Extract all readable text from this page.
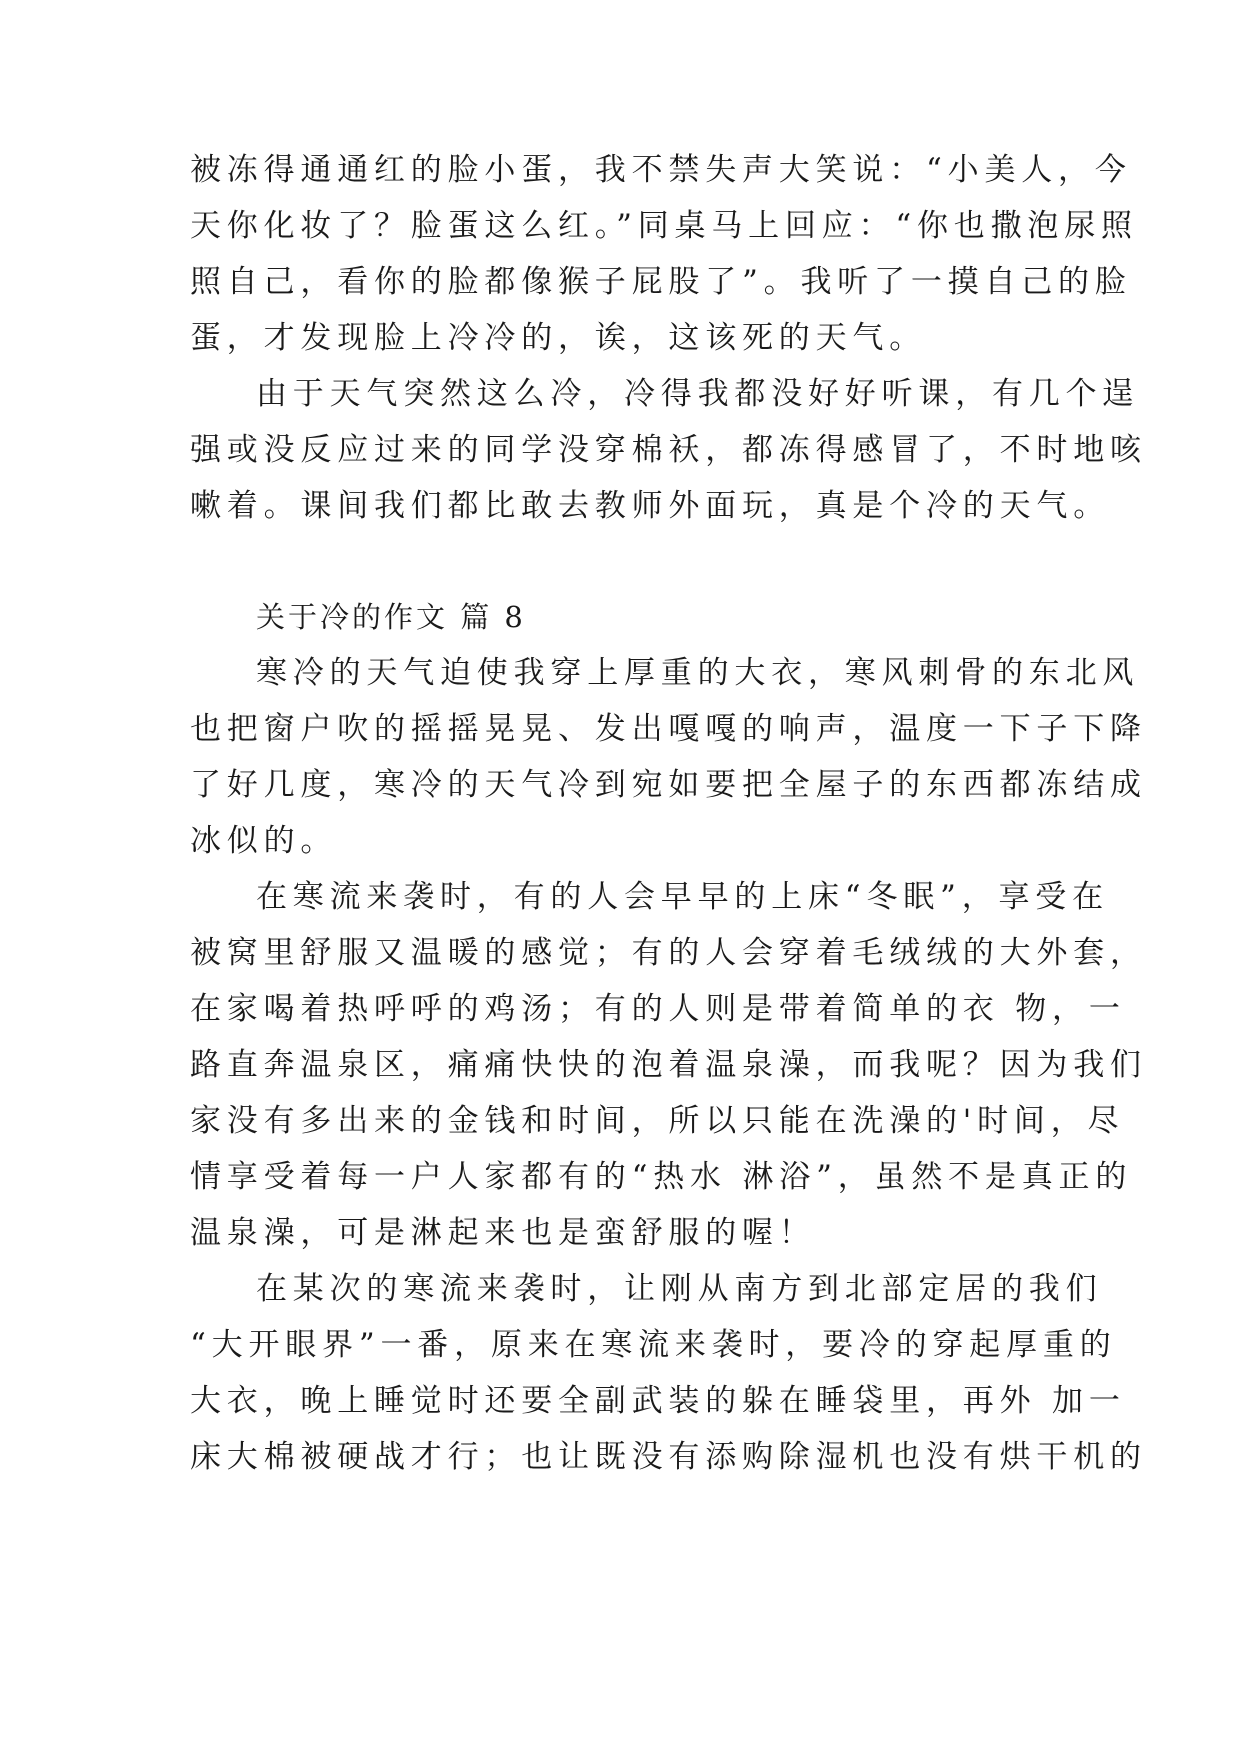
被冻得通通红的脸小蛋，我不禁失声大笑说：“小美人，今
天你化妆了？脸蛋这么红。”同桌马上回应：“你也撒泡尿照
照自己，看你的脸都像猴子屁股了”。我听了一摸自己的脸
蛋，才发现脸上冷冷的，诶，这该死的天气。
由于天气突然这么冷，冷得我都没好好听课，有几个逞
强或没反应过来的同学没穿棉袄，都冻得感冒了，不时地咳
嗽着。课间我们都比敢去教师外面玩，真是个冷的天气。
关于冷的作文 篇 8
寒冷的天气迫使我穿上厚重的大衣，寒风刺骨的东北风
也把窗户吹的摇摇晃晃、发出嘎嘎的响声，温度一下子下降
了好几度，寒冷的天气冷到宛如要把全屋子的东西都冻结成
冰似的。
在寒流来袭时，有的人会早早的上床“冬眠”，享受在
被窝里舒服又温暖的感觉；有的人会穿着毛绒绒的大外套，
在家喝着热呼呼的鸡汤；有的人则是带着简单的衣 物，一
路直奔温泉区，痛痛快快的泡着温泉澡，而我呢？因为我们
家没有多出来的金钱和时间，所以只能在洗澡的'时间，尽
情享受着每一户人家都有的“热水 淋浴”，虽然不是真正的
温泉澡，可是淋起来也是蛮舒服的喔！
在某次的寒流来袭时，让刚从南方到北部定居的我们
“大开眼界”一番，原来在寒流来袭时，要冷的穿起厚重的
大衣，晚上睡觉时还要全副武装的躲在睡袋里，再外 加一
床大棉被硬战才行；也让既没有添购除湿机也没有烘干机的
